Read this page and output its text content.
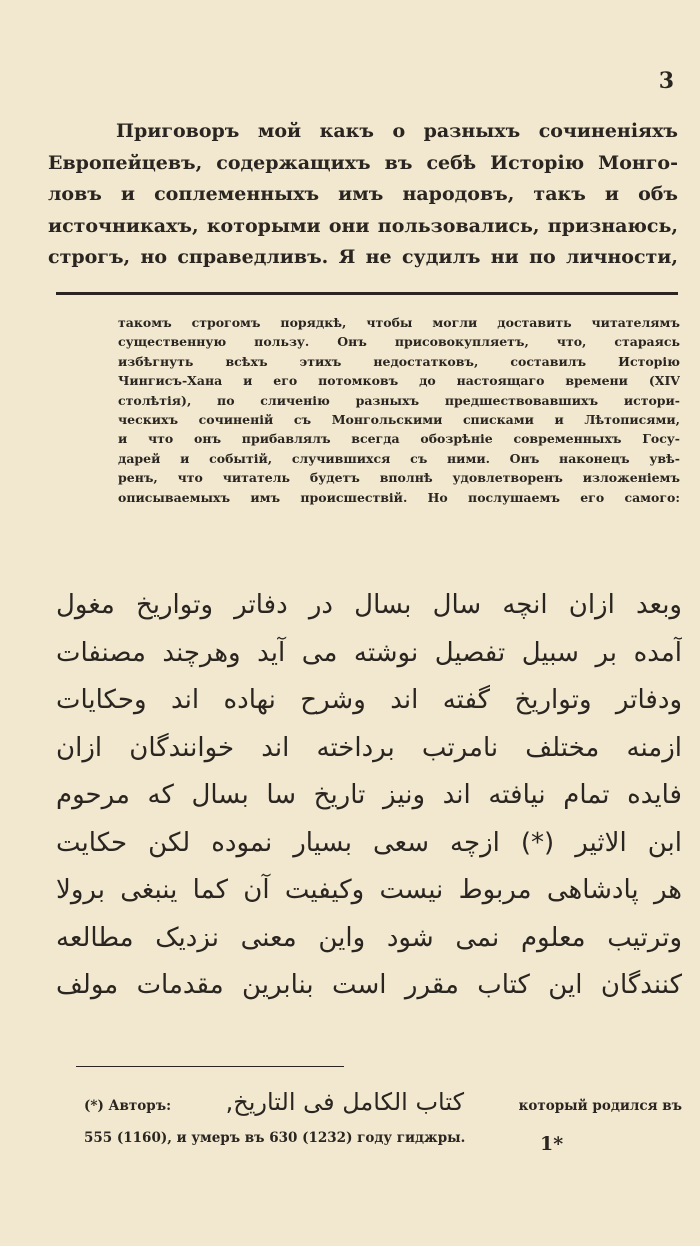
3
Приговоръ мой какъ о разныхъ сочиненіяхъ
Европейцевъ, содержащихъ въ себѣ Исторію Монго-
ловъ и соплеменныхъ имъ народовъ, такъ и объ
источникахъ, которыми они пользовались, признаюсь,
строгъ, но справедливъ. Я не судилъ ни по личности,
такомъ строгомъ порядкѣ, чтобы могли доставить читателямъ
существенную пользу. Онъ присовокупляетъ, что, стараясь
избѣгнуть всѣхъ этихъ недостатковъ, составилъ Исторію
Чингисъ-Хана и его потомковъ до настоящаго времени (XIV
столѣтія), по сличенію разныхъ предшествовавшихъ истори-
ческихъ сочиненій съ Монгольскими списками и Лѣтописями,
и что онъ прибавлялъ всегда обозрѣніе современныхъ Госу-
дарей и событій, случившихся съ ними. Онъ наконецъ увѣ-
ренъ, что читатель будетъ вполнѣ удовлетворенъ изложеніемъ
описываемыхъ имъ происшествій. Но послушаемъ его самого:
وبعد ازان انچه سال بسال در دفاتر وتواریخ مغول
آمده بر سبیل تفصیل نوشته می آید وهرچند مصنفات
ودفاتر وتواریخ گفته اند وشرح نهاده اند وحکایات
ازمنه مختلف نامرتب برداخته اند خوانندگان ازان
فایده تمام نیافته اند ونیز تاریخ سا بسال که مرحوم
ابن الاثیر (*) ازچه سعی بسیار نموده لکن حکایت
هر پادشاهی مربوط نیست وکیفیت آن کما ینبغی برولا
وترتیب معلوم نمی شود واین معنی نزدیک مطالعه
کنندگان این کتاب مقرر است بنابرین مقدمات مولف
(*) Авторъ: کتاب الکامل فی التاریخ,	который родился въ
555 (1160), и умеръ въ 630 (1232) году гиджры.	1*
